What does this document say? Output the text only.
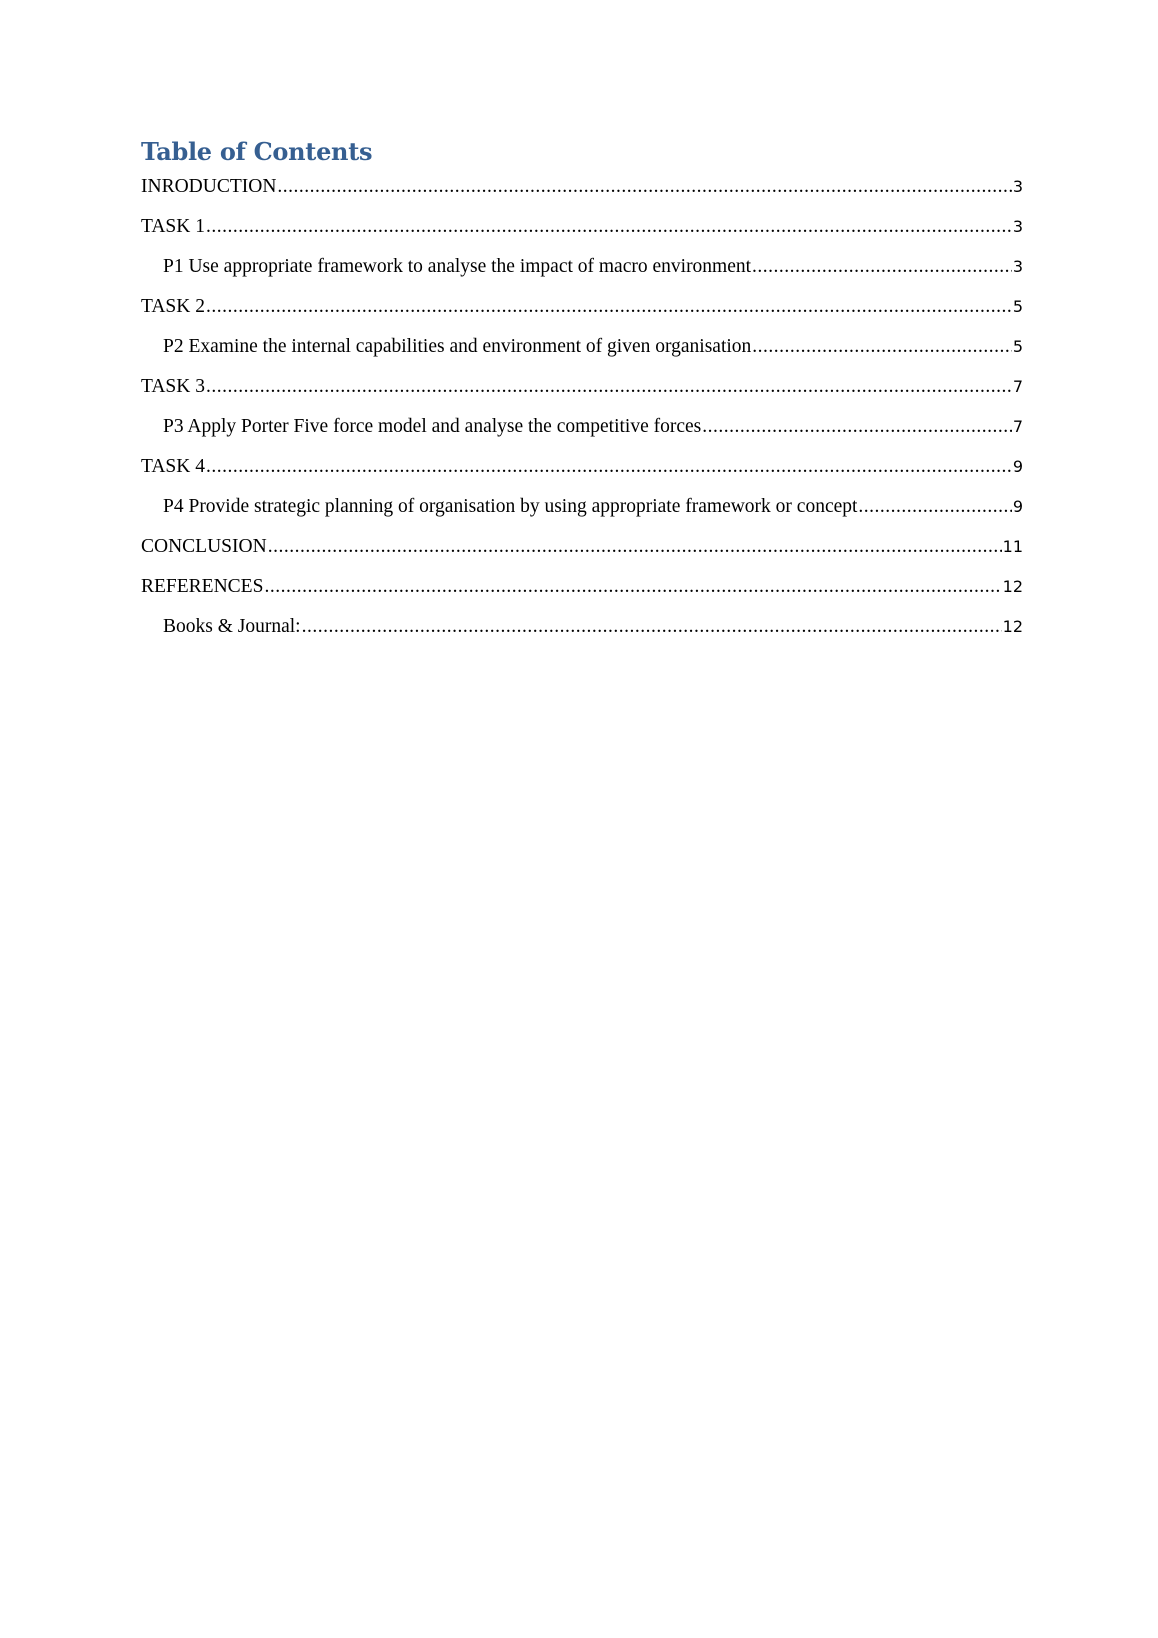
Table of Contents
INRODUCTION .....	3
TASK 1 .....	3
P1 Use appropriate framework to analyse the impact of macro environment .....	3
TASK 2 .....	5
P2 Examine the internal capabilities and environment of given organisation .....	5
TASK 3 .....	7
P3 Apply Porter Five force model and analyse the competitive forces .....	7
TASK 4 .....	9
P4 Provide strategic planning of organisation by using appropriate framework or concept .....	9
CONCLUSION .....	11
REFERENCES .....	12
Books & Journal: .....	12
